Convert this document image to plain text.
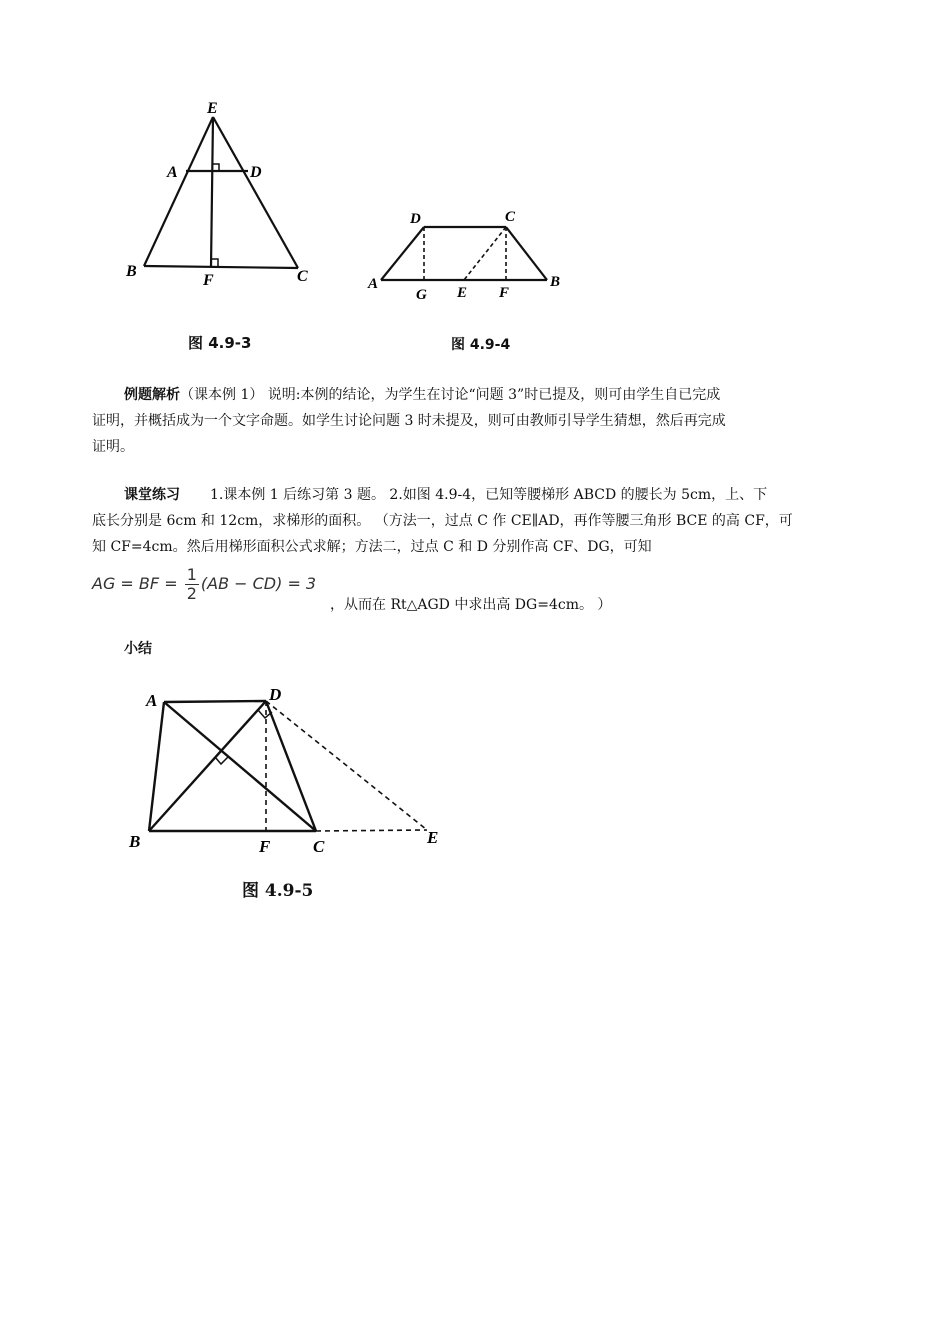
E
A	D
B
F	C
图 4.9-3
D	C
A
G E F
B
图 4.9-4
例题解析（课本例 1） 说明:本例的结论，为学生在讨论“问题 3”时已提及，则可由学生自已完成
证明，并概括成为一个文字命题。如学生讨论问题 3 时未提及，则可由教师引导学生猜想，然后再完成
证明。
课堂练习 1.课本例 1 后练习第 3 题。 2.如图 4.9-4，已知等腰梯形 ABCD 的腰长为 5cm，上、下
底长分别是 6cm 和 12cm，求梯形的面积。 （方法一，过点 C 作 CE∥AD，再作等腰三角形 BCE 的高 CF，可
知 CF=4cm。然后用梯形面积公式求解；方法二，过点 C 和 D 分别作高 CF、DG，可知
AG = BF = $\frac{1}{2} (AB - CD) = 3$
，从而在 Rt△AGD 中求出高 DG=4cm。 ）
小结
A	D
B	F	C	E
图 4.9-5
